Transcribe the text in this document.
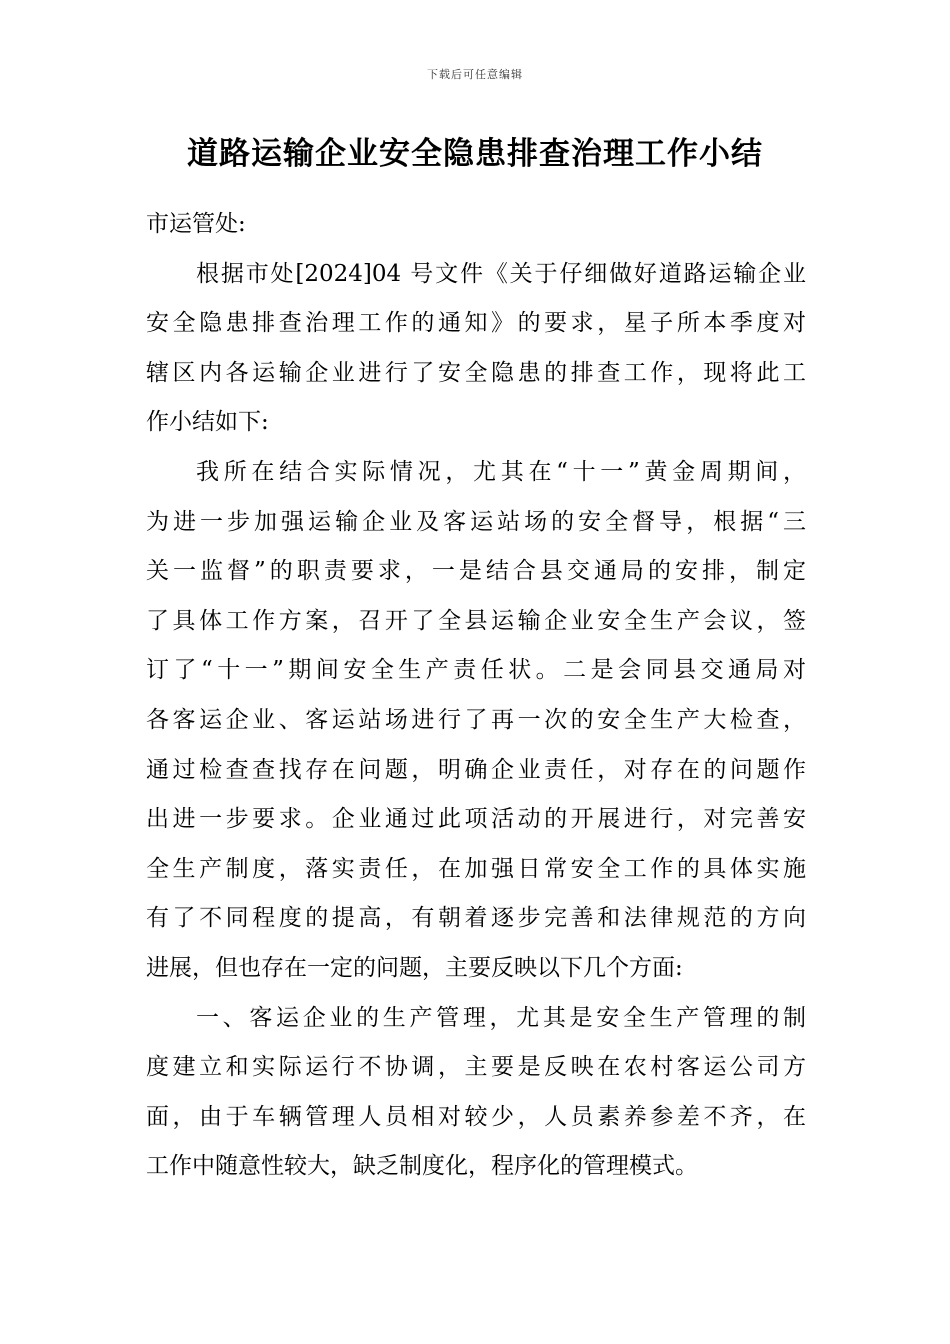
下载后可任意编辑
道路运输企业安全隐患排查治理工作小结
市运管处:
根据市处[2024]04 号文件《关于仔细做好道路运输企业
安全隐患排查治理工作的通知》的要求，星子所本季度对
辖区内各运输企业进行了安全隐患的排查工作，现将此工
作小结如下:
我所在结合实际情况，尤其在“十一”黄金周期间，
为进一步加强运输企业及客运站场的安全督导，根据“三
关一监督”的职责要求，一是结合县交通局的安排，制定
了具体工作方案，召开了全县运输企业安全生产会议，签
订了“十一”期间安全生产责任状。二是会同县交通局对
各客运企业、客运站场进行了再一次的安全生产大检查，
通过检查查找存在问题，明确企业责任，对存在的问题作
出进一步要求。企业通过此项活动的开展进行，对完善安
全生产制度，落实责任，在加强日常安全工作的具体实施
有了不同程度的提高，有朝着逐步完善和法律规范的方向
进展，但也存在一定的问题，主要反映以下几个方面:
一、客运企业的生产管理，尤其是安全生产管理的制
度建立和实际运行不协调，主要是反映在农村客运公司方
面，由于车辆管理人员相对较少，人员素养参差不齐，在
工作中随意性较大，缺乏制度化，程序化的管理模式。
